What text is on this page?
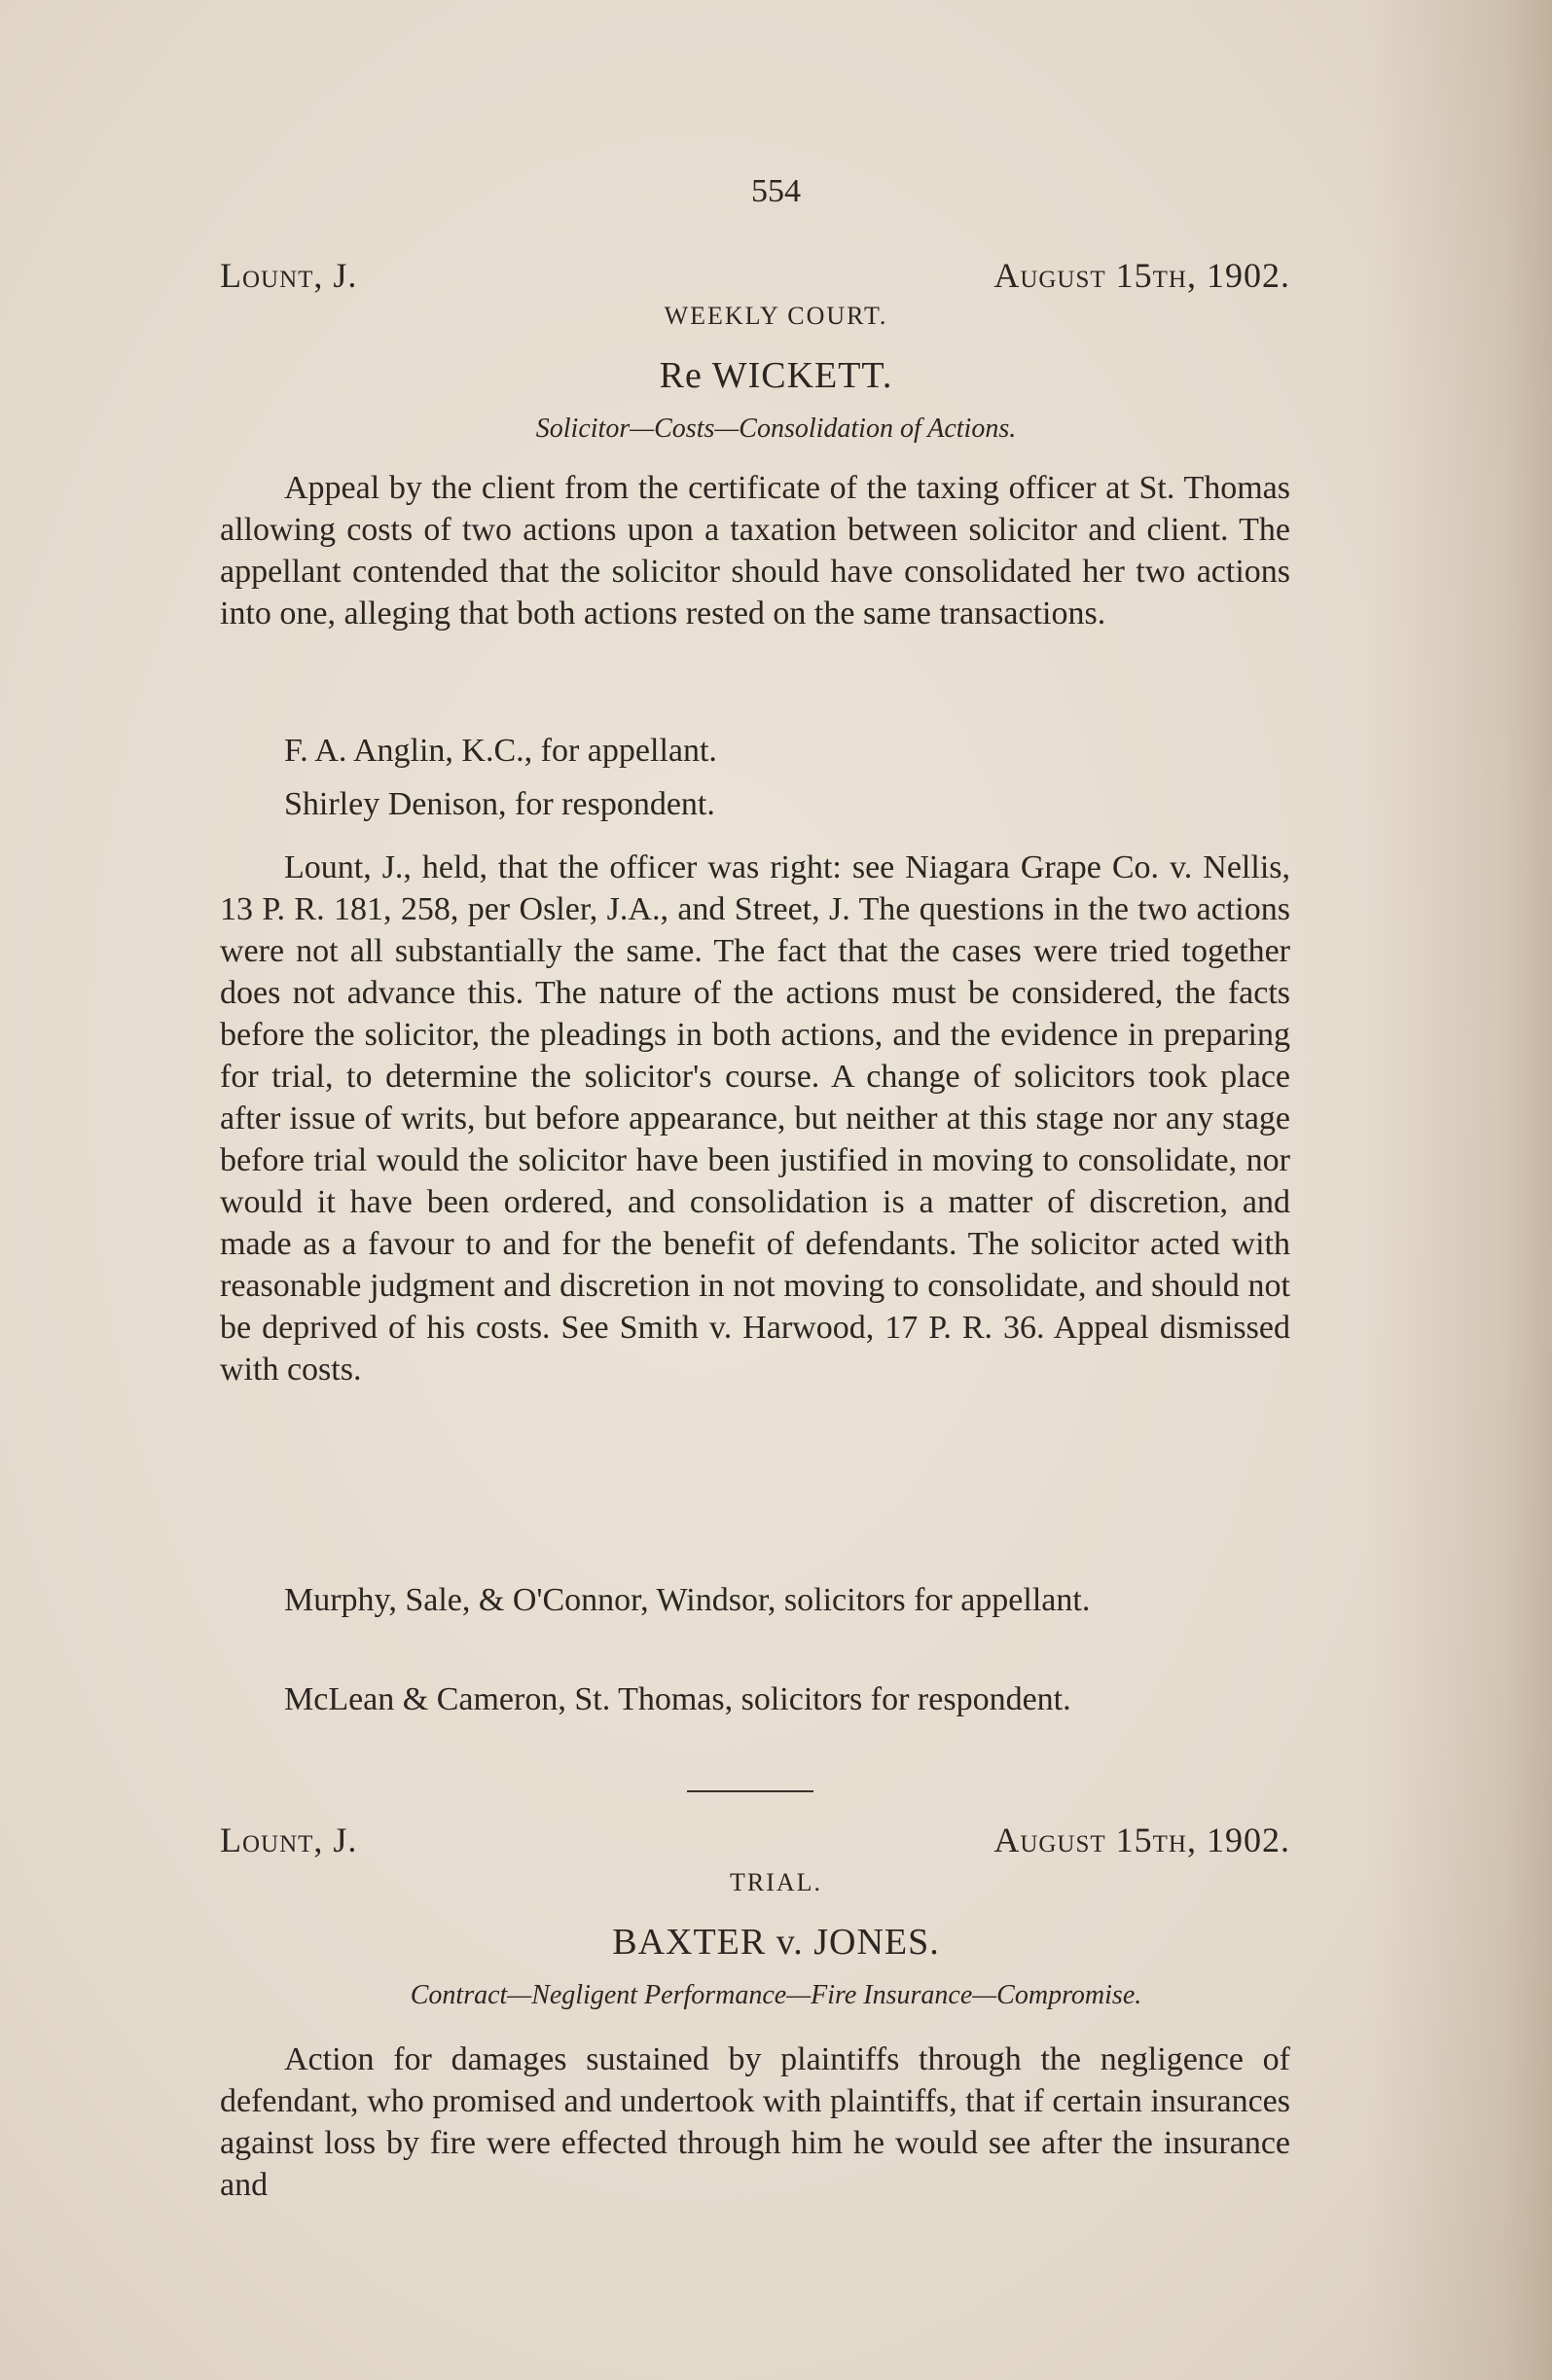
554
Lount, J.	August 15th, 1902.
WEEKLY COURT.
Re WICKETT.
Solicitor—Costs—Consolidation of Actions.
Appeal by the client from the certificate of the taxing officer at St. Thomas allowing costs of two actions upon a taxation between solicitor and client. The appellant contended that the solicitor should have consolidated her two actions into one, alleging that both actions rested on the same transactions.
F. A. Anglin, K.C., for appellant.
Shirley Denison, for respondent.
Lount, J., held, that the officer was right: see Niagara Grape Co. v. Nellis, 13 P. R. 181, 258, per Osler, J.A., and Street, J. The questions in the two actions were not all substantially the same. The fact that the cases were tried together does not advance this. The nature of the actions must be considered, the facts before the solicitor, the pleadings in both actions, and the evidence in preparing for trial, to determine the solicitor's course. A change of solicitors took place after issue of writs, but before appearance, but neither at this stage nor any stage before trial would the solicitor have been justified in moving to consolidate, nor would it have been ordered, and consolidation is a matter of discretion, and made as a favour to and for the benefit of defendants. The solicitor acted with reasonable judgment and discretion in not moving to consolidate, and should not be deprived of his costs. See Smith v. Harwood, 17 P. R. 36. Appeal dismissed with costs.
Murphy, Sale, & O'Connor, Windsor, solicitors for appellant.
McLean & Cameron, St. Thomas, solicitors for respondent.
Lount, J.	August 15th, 1902.
TRIAL.
BAXTER v. JONES.
Contract—Negligent Performance—Fire Insurance—Compromise.
Action for damages sustained by plaintiffs through the negligence of defendant, who promised and undertook with plaintiffs, that if certain insurances against loss by fire were effected through him he would see after the insurance and
